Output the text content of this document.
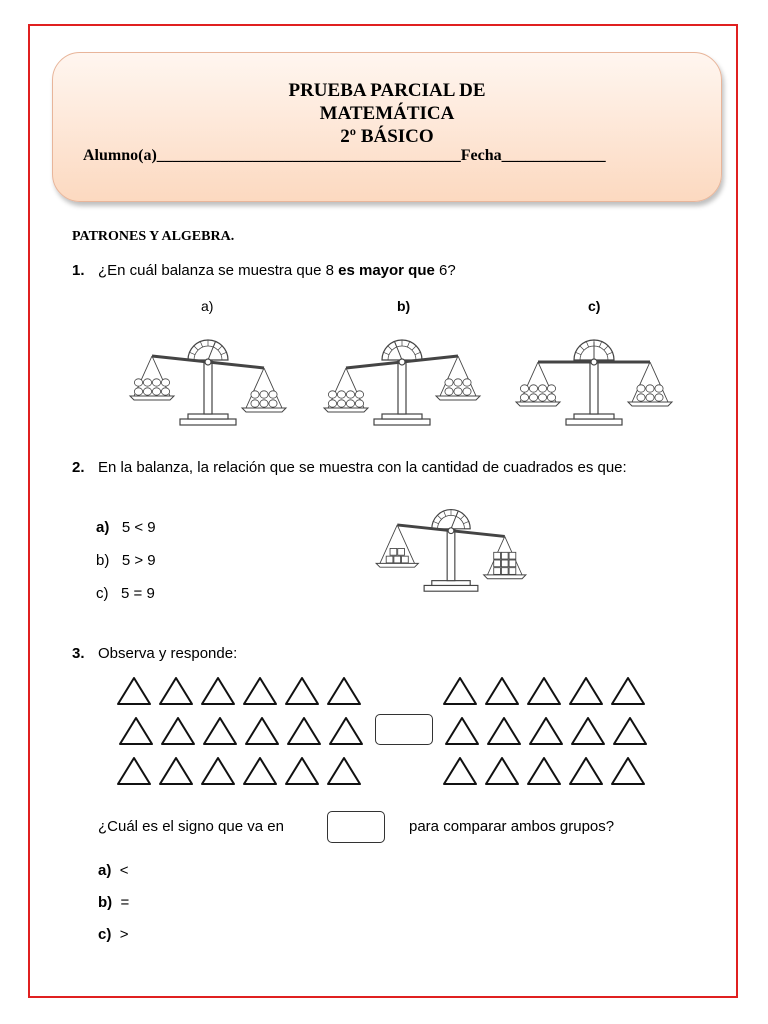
PRUEBA PARCIAL DE
MATEMÁTICA
2º BÁSICO
Alumno(a)______________________________________Fecha_____________
PATRONES Y ALGEBRA.
1. ¿En cuál balanza se muestra que 8 es mayor que 6?
a)	b)	c)
2. En la balanza, la relación que se muestra con la cantidad de cuadrados es que:
a) 5 < 9
b) 5 > 9
c) 5 = 9
3. Observa y responde:
¿Cuál es el signo que va en	para comparar ambos grupos?
a) <
b) =
c) >
